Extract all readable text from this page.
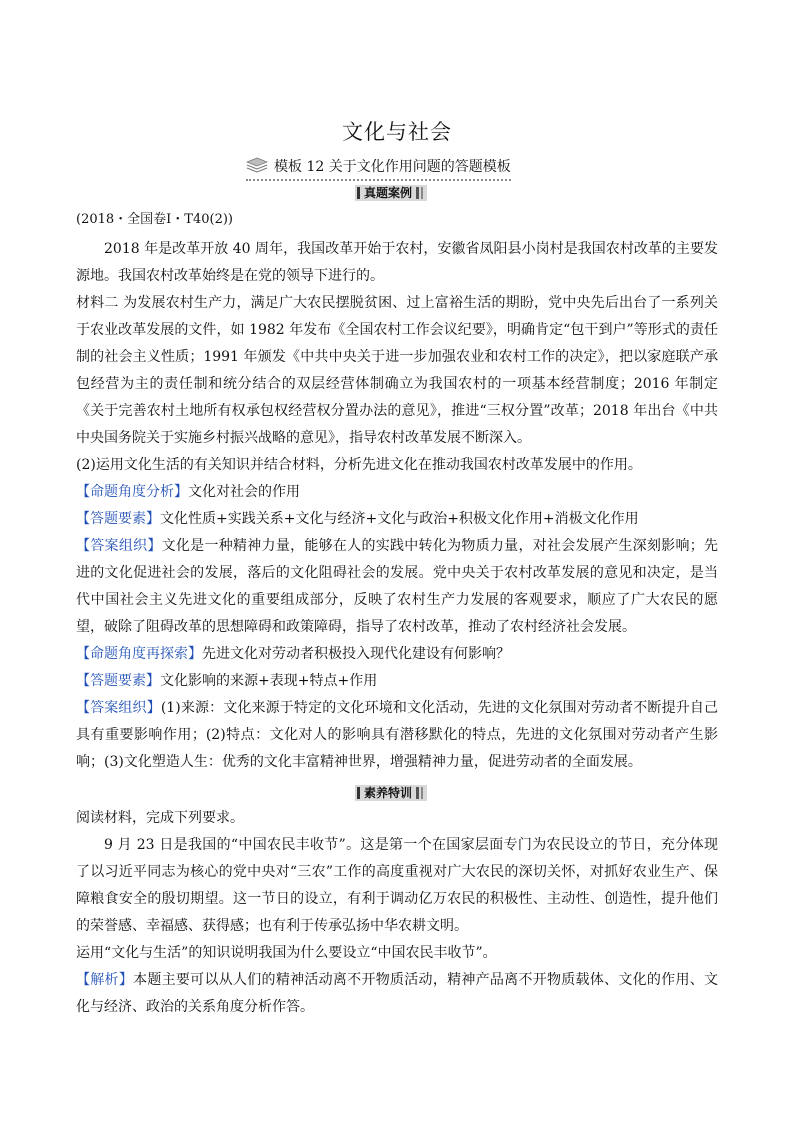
文化与社会
模板 12 关于文化作用问题的答题模板
真题案例
(2018・全国卷Ⅰ・T40(2))
2018 年是改革开放 40 周年，我国改革开始于农村，安徽省凤阳县小岗村是我国农村改革的主要发源地。我国农村改革始终是在党的领导下进行的。
材料二 为发展农村生产力，满足广大农民摆脱贫困、过上富裕生活的期盼，党中央先后出台了一系列关于农业改革发展的文件，如 1982 年发布《全国农村工作会议纪要》，明确肯定“包干到户”等形式的责任制的社会主义性质；1991 年颁发《中共中央关于进一步加强农业和农村工作的决定》，把以家庭联产承包经营为主的责任制和统分结合的双层经营体制确立为我国农村的一项基本经营制度；2016 年制定《关于完善农村土地所有权承包权经营权分置办法的意见》，推进“三权分置”改革；2018 年出台《中共中央国务院关于实施乡村振兴战略的意见》，指导农村改革发展不断深入。
(2)运用文化生活的有关知识并结合材料，分析先进文化在推动我国农村改革发展中的作用。
【命题角度分析】文化对社会的作用
【答题要素】文化性质+实践关系+文化与经济+文化与政治+积极文化作用+消极文化作用
【答案组织】文化是一种精神力量，能够在人的实践中转化为物质力量，对社会发展产生深刻影响；先进的文化促进社会的发展，落后的文化阻碍社会的发展。党中央关于农村改革发展的意见和决定，是当代中国社会主义先进文化的重要组成部分，反映了农村生产力发展的客观要求，顺应了广大农民的愿望，破除了阻碍改革的思想障碍和政策障碍，指导了农村改革，推动了农村经济社会发展。
【命题角度再探索】先进文化对劳动者积极投入现代化建设有何影响？
【答题要素】文化影响的来源+表现+特点+作用
【答案组织】(1)来源：文化来源于特定的文化环境和文化活动，先进的文化氛围对劳动者不断提升自己具有重要影响作用；(2)特点：文化对人的影响具有潜移默化的特点，先进的文化氛围对劳动者产生影响；(3)文化塑造人生：优秀的文化丰富精神世界，增强精神力量，促进劳动者的全面发展。
素养特训
阅读材料，完成下列要求。
9 月 23 日是我国的“中国农民丰收节”。这是第一个在国家层面专门为农民设立的节日，充分体现了以习近平同志为核心的党中央对“三农”工作的高度重视对广大农民的深切关怀，对抓好农业生产、保障粮食安全的殷切期望。这一节日的设立，有利于调动亿万农民的积极性、主动性、创造性，提升他们的荣誉感、幸福感、获得感；也有利于传承弘扬中华农耕文明。
运用“文化与生活”的知识说明我国为什么要设立“中国农民丰收节”。
【解析】本题主要可以从人们的精神活动离不开物质活动，精神产品离不开物质载体、文化的作用、文化与经济、政治的关系角度分析作答。
